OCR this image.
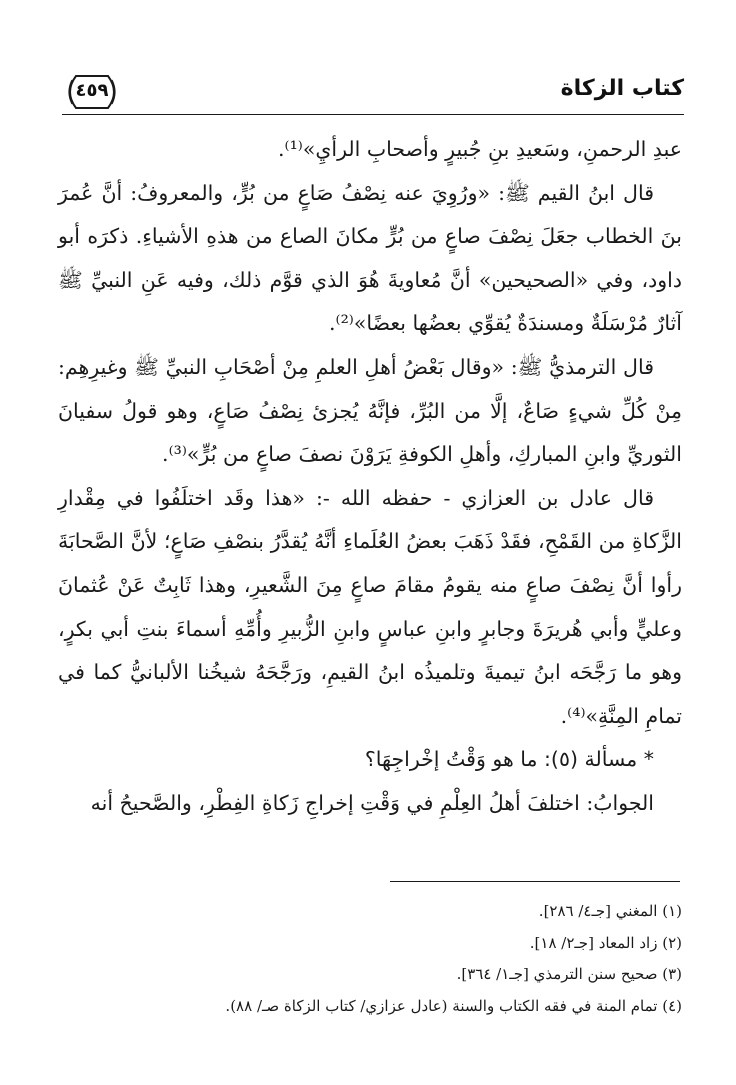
كتاب الزكاة
٤٥٩

عبدِ الرحمنِ، وسَعيدِ بنِ جُبيرٍ وأصحابِ الرأيِ»⁽¹⁾.

قال ابنُ القيم ﷺ: «ورُوِيَ عنه نِصْفُ صَاعٍ من بُرٍّ، والمعروفُ: أنَّ عُمرَ بنَ الخطاب جعَلَ نِصْفَ صاعٍ من بُرٍّ مكانَ الصاع من هذهِ الأشياءِ. ذكرَه أبو داود، وفي «الصحيحين» أنَّ مُعاويةَ هُوَ الذي قوَّم ذلك، وفيه عَنِ النبيِّ ﷺ آثارٌ مُرْسَلَةٌ ومسندَةٌ يُقوِّي بعضُها بعضًا»⁽²⁾.

قال الترمذيُّ ﷺ: «وقال بَعْضُ أهلِ العلمِ مِنْ أصْحَابِ النبيِّ ﷺ وغيرِهِم: مِنْ كُلِّ شيءٍ صَاعٌ، إلَّا من البُرِّ، فإنَّهُ يُجزئ نِصْفُ صَاعٍ، وهو قولُ سفيانَ الثوريِّ وابنِ المباركِ، وأهلِ الكوفةِ يَرَوْنَ نصفَ صاعٍ من بُرٍّ»⁽³⁾.

قال عادل بن العزازي - حفظه الله -: «هذا وقَد اختلَفُوا في مِقْدارِ الزَّكاةِ من القَمْحِ، فقَدْ ذَهَبَ بعضُ العُلَماءِ أنَّهُ يُقدَّرُ بنصْفِ صَاعٍ؛ لأنَّ الصَّحابَةَ رأوا أنَّ نِصْفَ صاعٍ منه يقومُ مقامَ صاعٍ مِنَ الشَّعيرِ، وهذا ثَابِتٌ عَنْ عُثمانَ وعليٍّ وأبي هُريرَةَ وجابرٍ وابنِ عباسٍ وابنِ الزُّبيرِ وأُمِّهِ أسماءَ بنتِ أبي بكرٍ، وهو ما رَجَّحَه ابنُ تيميةَ وتلميذُه ابنُ القيمِ، ورَجَّحَهُ شيخُنا الألبانيُّ كما في تمامِ المِنَّةِ»⁽⁴⁾.

* مسألة (٥): ما هو وَقْتُ إخْراجِهَا؟

الجوابُ: اختلفَ أهلُ العِلْمِ في وَقْتِ إخراجِ زَكاةِ الفِطْرِ، والصَّحيحُ أنه

(١) المغني [جـ٤/ ٢٨٦].

(٢) زاد المعاد [جـ٢/ ١٨].

(٣) صحيح سنن الترمذي [جـ١/ ٣٦٤].

(٤) تمام المنة في فقه الكتاب والسنة (عادل عزازي/ كتاب الزكاة صـ/ ٨٨).
